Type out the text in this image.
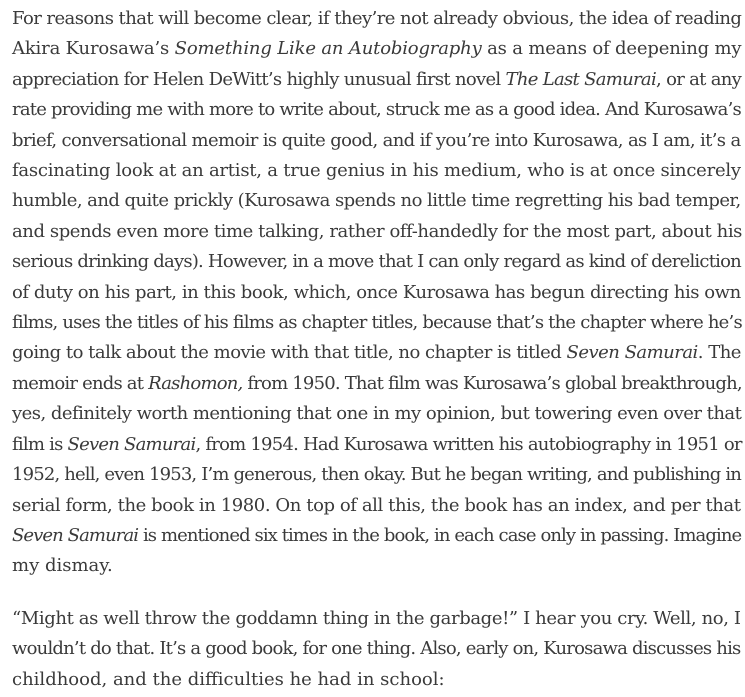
For reasons that will become clear, if they’re not already obvious, the idea of reading
Akira Kurosawa’s Something Like an Autobiography as a means of deepening my
appreciation for Helen DeWitt’s highly unusual first novel The Last Samurai, or at any
rate providing me with more to write about, struck me as a good idea. And Kurosawa’s
brief, conversational memoir is quite good, and if you’re into Kurosawa, as I am, it’s a
fascinating look at an artist, a true genius in his medium, who is at once sincerely
humble, and quite prickly (Kurosawa spends no little time regretting his bad temper,
and spends even more time talking, rather off-handedly for the most part, about his
serious drinking days). However, in a move that I can only regard as kind of dereliction
of duty on his part, in this book, which, once Kurosawa has begun directing his own
films, uses the titles of his films as chapter titles, because that’s the chapter where he’s
going to talk about the movie with that title, no chapter is titled Seven Samurai. The
memoir ends at Rashomon, from 1950. That film was Kurosawa’s global breakthrough,
yes, definitely worth mentioning that one in my opinion, but towering even over that
film is Seven Samurai, from 1954. Had Kurosawa written his autobiography in 1951 or
1952, hell, even 1953, I’m generous, then okay. But he began writing, and publishing in
serial form, the book in 1980. On top of all this, the book has an index, and per that
Seven Samurai is mentioned six times in the book, in each case only in passing. Imagine
my dismay.

“Might as well throw the goddamn thing in the garbage!” I hear you cry. Well, no, I
wouldn’t do that. It’s a good book, for one thing. Also, early on, Kurosawa discusses his
childhood, and the difficulties he had in school:
